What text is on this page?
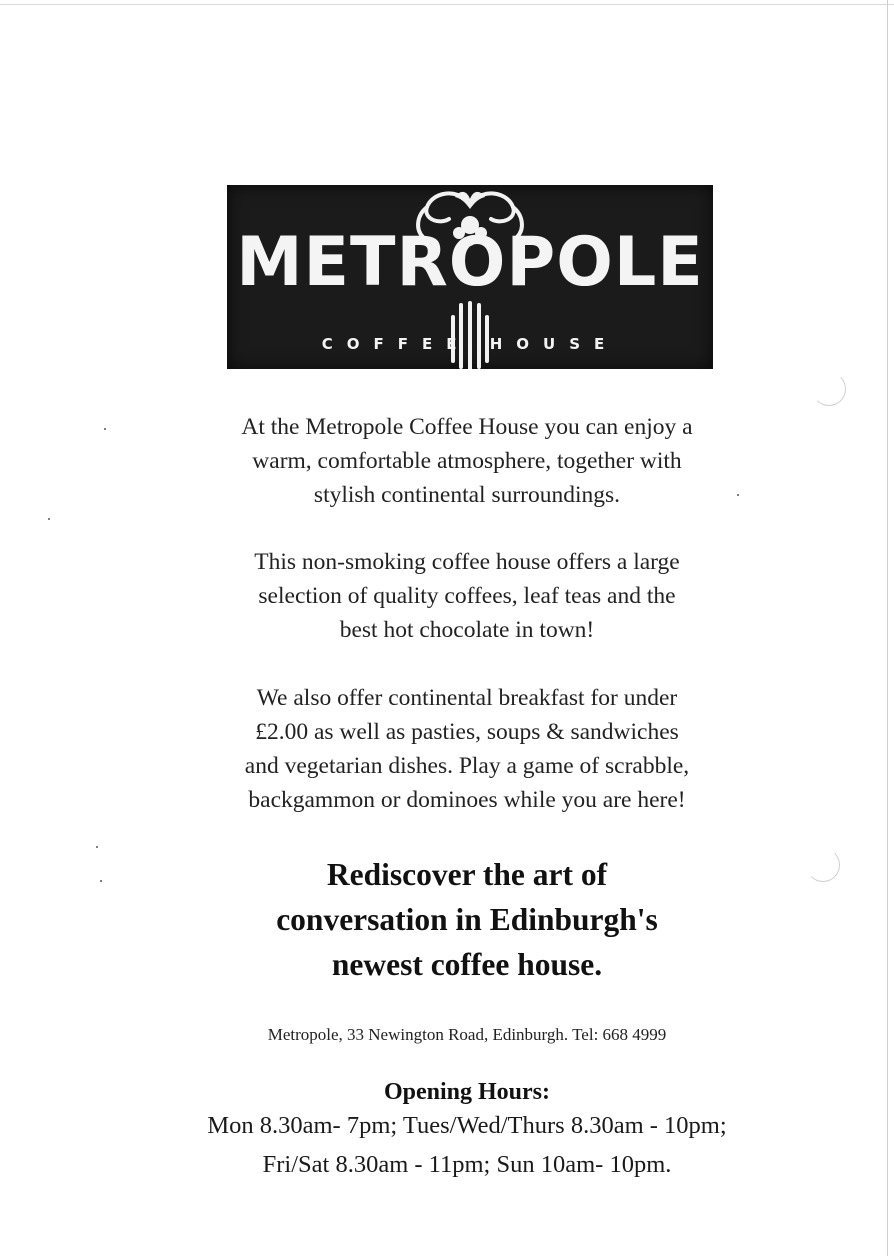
METROPOLE
COFFEE HOUSE

At the Metropole Coffee House you can enjoy a
warm, comfortable atmosphere, together with
stylish continental surroundings.

This non-smoking coffee house offers a large
selection of quality coffees, leaf teas and the
best hot chocolate in town!

We also offer continental breakfast for under
£2.00 as well as pasties, soups & sandwiches
and vegetarian dishes. Play a game of scrabble,
backgammon or dominoes while you are here!

Rediscover the art of
conversation in Edinburgh's
newest coffee house.

Metropole, 33 Newington Road, Edinburgh. Tel: 668 4999
Opening Hours:
Mon 8.30am- 7pm; Tues/Wed/Thurs 8.30am - 10pm;
Fri/Sat 8.30am - 11pm; Sun 10am- 10pm.
